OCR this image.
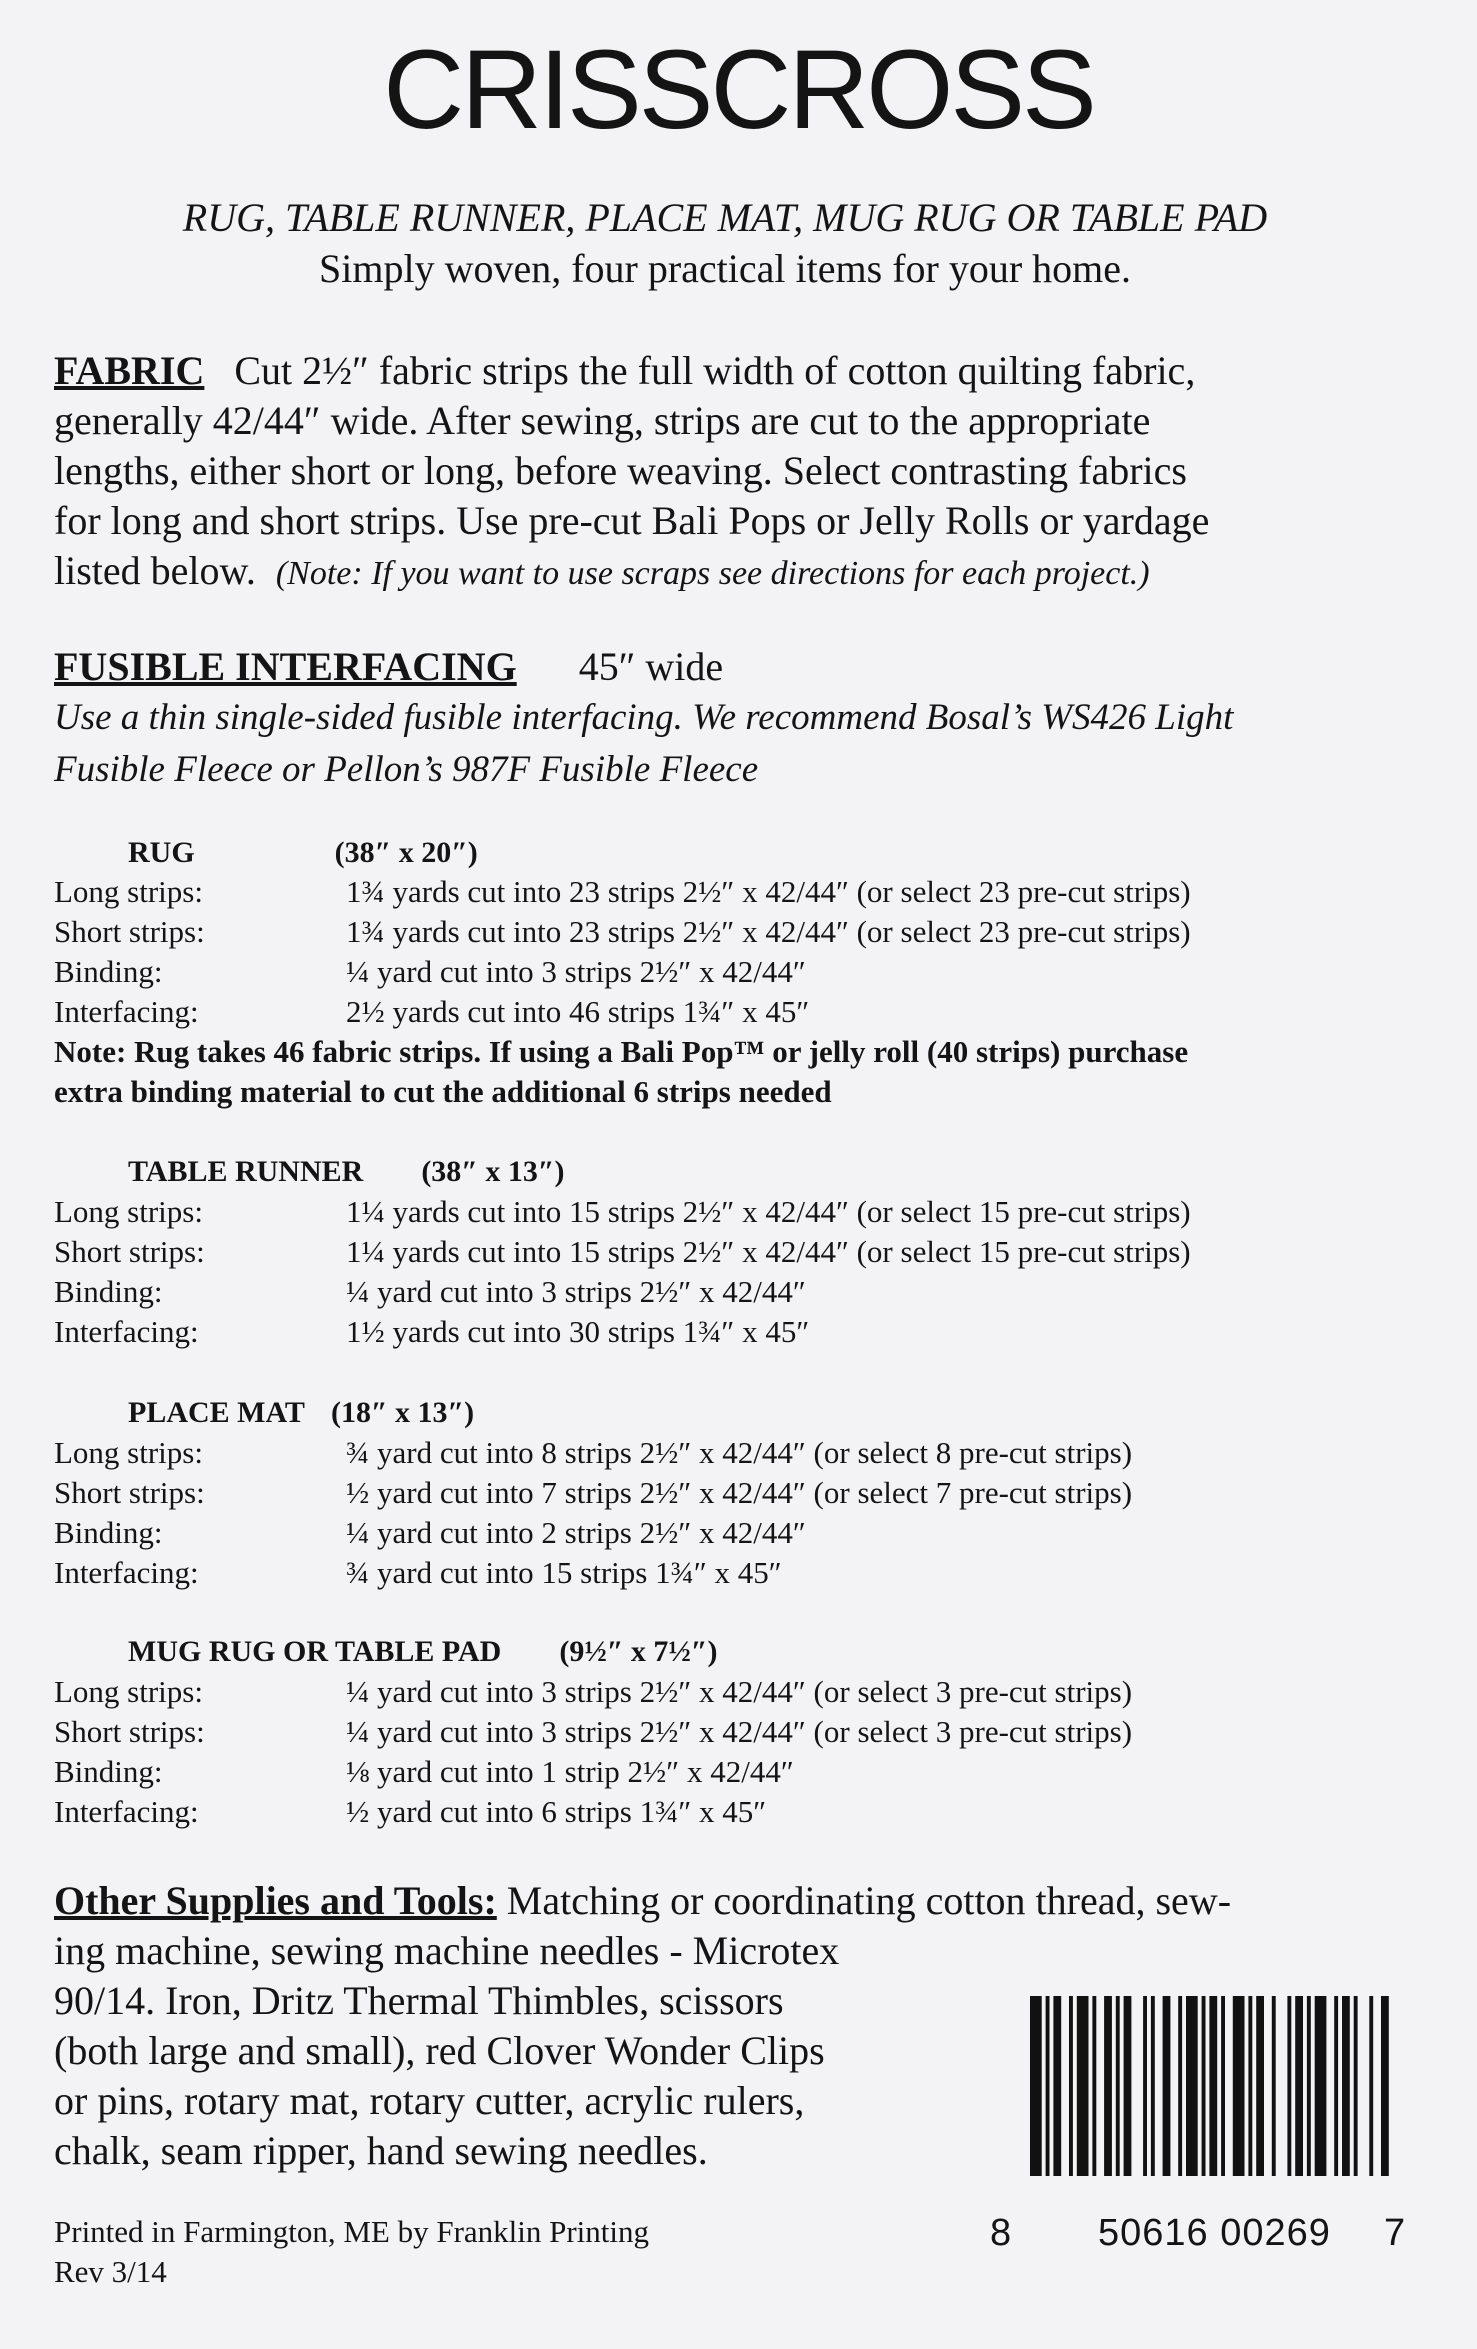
CRISSCROSS
RUG, TABLE RUNNER, PLACE MAT, MUG RUG OR TABLE PAD
Simply woven, four practical items for your home.
FABRIC Cut 2½″ fabric strips the full width of cotton quilting fabric,
generally 42/44″ wide. After sewing, strips are cut to the appropriate
lengths, either short or long, before weaving. Select contrasting fabrics
for long and short strips. Use pre-cut Bali Pops or Jelly Rolls or yardage
listed below. (Note: If you want to use scraps see directions for each project.)
FUSIBLE INTERFACING 45″ wide
Use a thin single-sided fusible interfacing. We recommend Bosal’s WS426 Light
Fusible Fleece or Pellon’s 987F Fusible Fleece
RUG	(38″ x 20″)
Long strips:	1¾ yards cut into 23 strips 2½″ x 42/44″ (or select 23 pre-cut strips)
Short strips:	1¾ yards cut into 23 strips 2½″ x 42/44″ (or select 23 pre-cut strips)
Binding:	¼ yard cut into 3 strips 2½″ x 42/44″
Interfacing:	2½ yards cut into 46 strips 1¾″ x 45″
Note: Rug takes 46 fabric strips. If using a Bali Pop™ or jelly roll (40 strips) purchase
extra binding material to cut the additional 6 strips needed
TABLE RUNNER (38″ x 13″)
Long strips:	1¼ yards cut into 15 strips 2½″ x 42/44″ (or select 15 pre-cut strips)
Short strips:	1¼ yards cut into 15 strips 2½″ x 42/44″ (or select 15 pre-cut strips)
Binding:	¼ yard cut into 3 strips 2½″ x 42/44″
Interfacing:	1½ yards cut into 30 strips 1¾″ x 45″
PLACE MAT (18″ x 13″)
Long strips:	¾ yard cut into 8 strips 2½″ x 42/44″ (or select 8 pre-cut strips)
Short strips:	½ yard cut into 7 strips 2½″ x 42/44″ (or select 7 pre-cut strips)
Binding:	¼ yard cut into 2 strips 2½″ x 42/44″
Interfacing:	¾ yard cut into 15 strips 1¾″ x 45″
MUG RUG OR TABLE PAD (9½″ x 7½″)
Long strips:	¼ yard cut into 3 strips 2½″ x 42/44″ (or select 3 pre-cut strips)
Short strips:	¼ yard cut into 3 strips 2½″ x 42/44″ (or select 3 pre-cut strips)
Binding:	⅛ yard cut into 1 strip 2½″ x 42/44″
Interfacing:	½ yard cut into 6 strips 1¾″ x 45″
Other Supplies and Tools: Matching or coordinating cotton thread, sew-
ing machine, sewing machine needles - Microtex
90/14. Iron, Dritz Thermal Thimbles, scissors
(both large and small), red Clover Wonder Clips
or pins, rotary mat, rotary cutter, acrylic rulers,
chalk, seam ripper, hand sewing needles.
Printed in Farmington, ME by Franklin Printing
Rev 3/14
8 50616 00269 7
